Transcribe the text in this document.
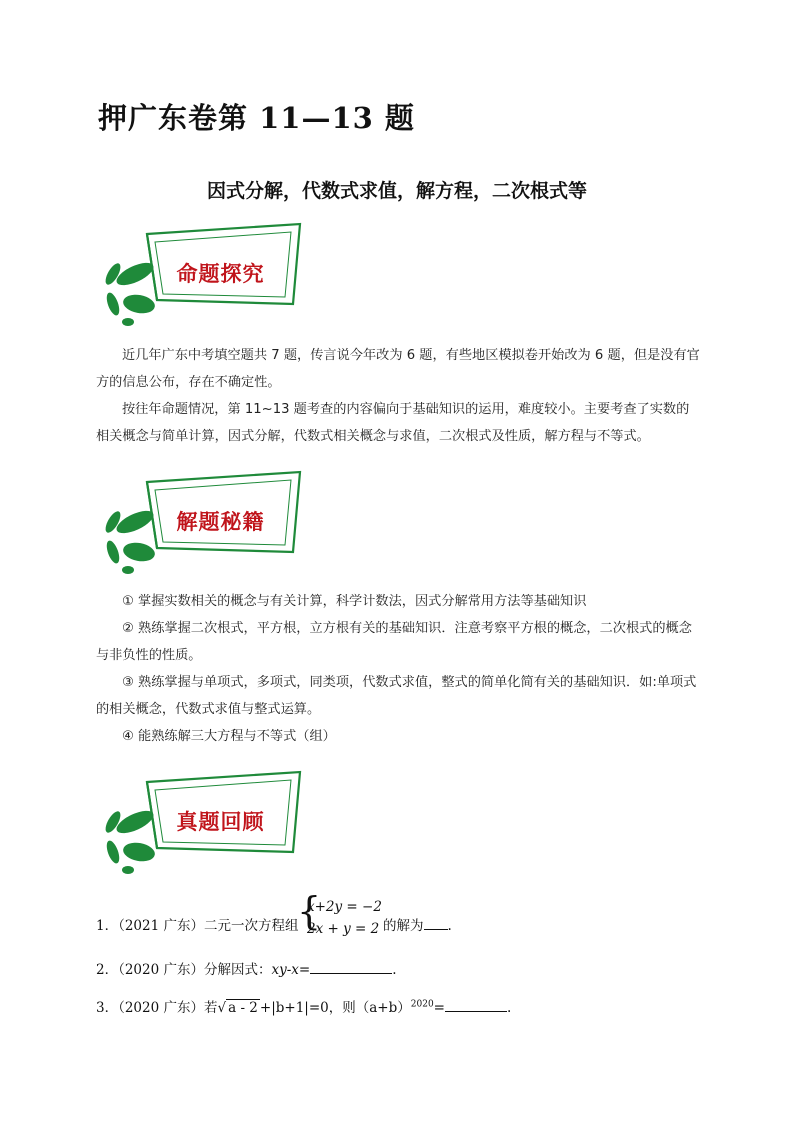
押广东卷第 11—13 题
因式分解，代数式求值，解方程，二次根式等
命题探究

近几年广东中考填空题共 7 题，传言说今年改为 6 题，有些地区模拟卷开始改为 6 题，但是没有官方的信息公布，存在不确定性。

按往年命题情况，第 11~13 题考查的内容偏向于基础知识的运用，难度较小。主要考查了实数的相关概念与简单计算，因式分解，代数式相关概念与求值，二次根式及性质，解方程与不等式。

解题秘籍

① 掌握实数相关的概念与有关计算，科学计数法，因式分解常用方法等基础知识

② 熟练掌握二次根式，平方根，立方根有关的基础知识．注意考察平方根的概念，二次根式的概念与非负性的性质。

③ 熟练掌握与单项式，多项式，同类项，代数式求值，整式的简单化简有关的基础知识．如:单项式的相关概念，代数式求值与整式运算。

④ 能熟练解三大方程与不等式（组）

真题回顾
1．（2021 广东）二元一次方程组
{
x+2y = −2
2x + y = 2 的解为 .
2．（2020 广东）分解因式：xy-x=	.
3．（2020 广东）若√ a - 2 +|b+1|=0，则$(a+b)^{2020}=$	.
